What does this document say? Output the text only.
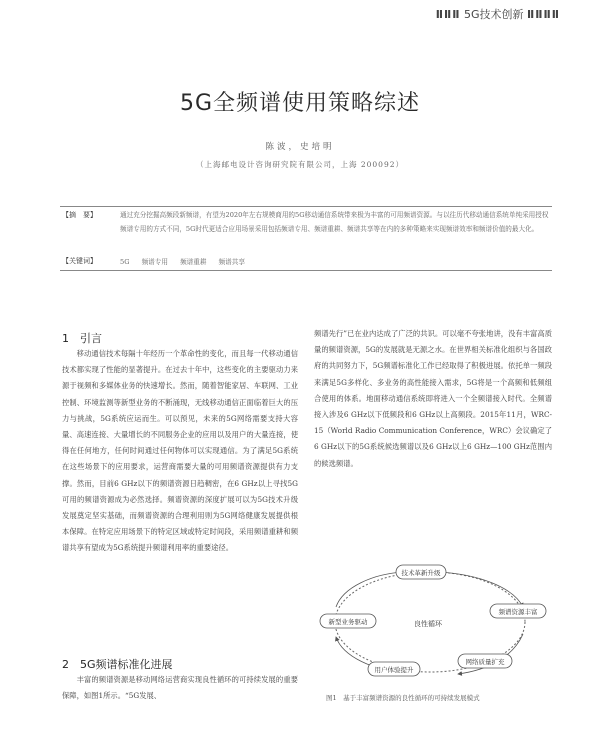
ⅡⅡⅡ 5G技术创新 ⅡⅡⅡⅡ
5G全频谱使用策略综述
陈波，史培明
（上海邮电设计咨询研究院有限公司，上海 200092）
【摘　要】	通过充分挖掘高频段新频谱，有望为2020年左右规模商用的5G移动通信系统带来极为丰富的可用频谱资源。与以往历代移动通信系统单纯采用授权频谱专用的方式不同，5G时代更适合应用场景采用包括频谱专用、频谱重耕、频谱共享等在内的多种策略来实现频谱效率和频谱价值的最大化。
【关键词】	5G 频谱专用 频谱重耕 频谱共享
1　引言

移动通信技术每隔十年经历一个革命性的变化，而且每一代移动通信技术都实现了性能的显著提升。在过去十年中，这些变化的主要驱动力来源于视频和多媒体业务的快速增长。然而，随着智能家居、车联网、工业控制、环境监测等新型业务的不断涌现，无线移动通信正面临着巨大的压力与挑战，5G系统应运而生。可以预见，未来的5G网络需要支持大容量、高速连接、大量增长的不同服务企业的应用以及用户的大量连接，使得在任何地方，任何时间通过任何物体可以实现通信。为了满足5G系统在这些场景下的应用要求，运营商需要大量的可用频谱资源提供有力支撑。然而，目前6 GHz以下的频谱资源日趋稠密，在6 GHz以上寻找5G可用的频谱资源成为必然选择。频谱资源的深度扩展可以为5G技术升级发展奠定坚实基础，而频谱资源的合理利用则为5G网络健康发展提供根本保障。在特定应用场景下的特定区域或特定时间段，采用频谱重耕和频谱共享有望成为5G系统提升频谱利用率的重要途径。

2　5G频谱标准化进展

丰富的频谱资源是移动网络运营商实现良性循环的可持续发展的重要保障，如图1所示。“5G发展、

频谱先行”已在业内达成了广泛的共识。可以毫不夸张地讲，没有丰富高质量的频谱资源，5G的发展就是无源之水。在世界相关标准化组织与各国政府的共同努力下，5G频谱标准化工作已经取得了积极进展。依托单一频段来满足5G多样化、多业务的高性能接入需求，5G将是一个高频和低频组合使用的体系。地面移动通信系统即将进入一个全频谱接入时代。全频谱接入涉及6 GHz以下低频段和6 GHz以上高频段。2015年11月，WRC-15（World Radio Communication Conference，WRC）会议确定了6 GHz以下的5G系统候选频谱以及6 GHz以上6 GHz—100 GHz范围内的候选频谱。

技术革新升级
频谱资源丰富
网络质量扩充
用户体验提升
新型业务驱动	良性循环
图1　基于丰富频谱资源的良性循环的可持续发展模式
